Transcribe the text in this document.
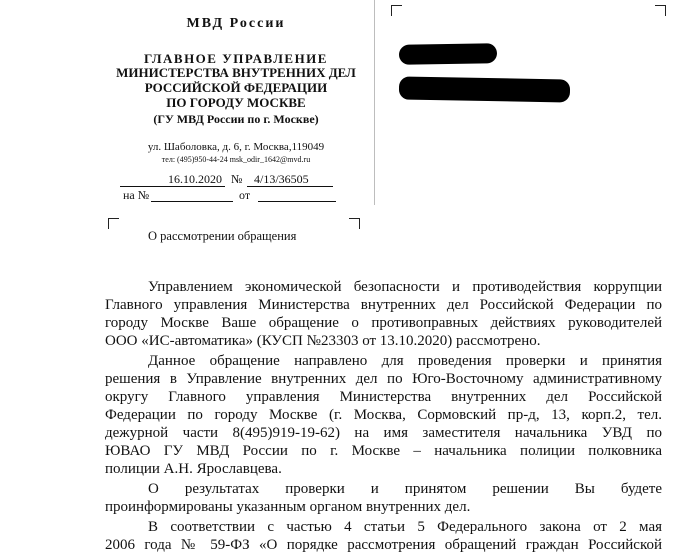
МВД России
ГЛАВНОЕ УПРАВЛЕНИЕ
МИНИСТЕРСТВА ВНУТРЕННИХ ДЕЛ
РОССИЙСКОЙ ФЕДЕРАЦИИ
ПО ГОРОДУ МОСКВЕ
(ГУ МВД России по г. Москве)
ул. Шаболовка, д. 6, г. Москва,119049
тел: (495)950-44-24 msk_odir_1642@mvd.ru
16.10.2020 № 4/13/36505
на №	от
О рассмотрении обращения
Управлением экономической безопасности и противодействия коррупции
Главного управления Министерства внутренних дел Российской Федерации по
городу Москве Ваше обращение о противоправных действиях руководителей
ООО «ИС-автоматика» (КУСП №23303 от 13.10.2020) рассмотрено.
Данное обращение направлено для проведения проверки и принятия
решения в Управление внутренних дел по Юго-Восточному административному
округу Главного управления Министерства внутренних дел Российской
Федерации по городу Москве (г. Москва, Сормовский пр-д, 13, корп.2, тел.
дежурной части 8(495)919-19-62) на имя заместителя начальника УВД по
ЮВАО ГУ МВД России по г. Москве – начальника полиции полковника
полиции А.Н. Ярославцева.
О результатах проверки и принятом решении Вы будете
проинформированы указанным органом внутренних дел.
В соответствии с частью 4 статьи 5 Федерального закона от 2 мая
2006 года № 59-ФЗ «О порядке рассмотрения обращений граждан Российской
